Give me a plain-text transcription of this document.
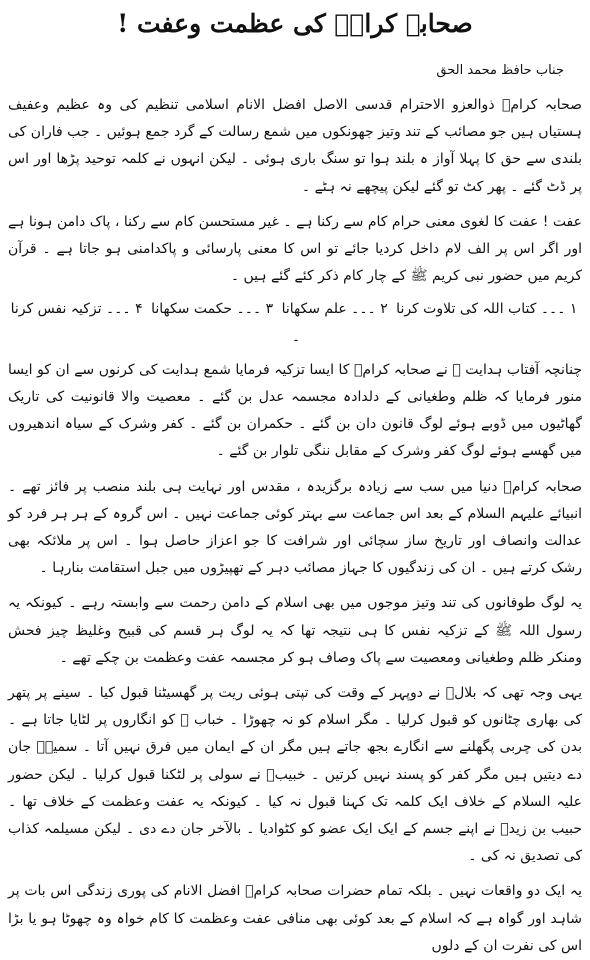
صحابہ کرامؓ کی عظمت وعفت !
جناب حافظ محمد الحق

صحابہ کرامؓ ذوالعزو الاحترام قدسی الاصل افضل الانام اسلامی تنظیم کی وہ عظیم وعفیف ہستیاں ہیں جو مصائب کے تند وتیز جھونکوں میں شمع رسالت کے گرد جمع ہوئیں ۔ جب فاران کی بلندی سے حق کا پہلا آواز ہ بلند ہوا تو سنگ باری ہوئی ۔ لیکن انہوں نے کلمہ توحید پڑھا اور اس پر ڈٹ گئے ۔ پھر کٹ تو گئے لیکن پیچھے نہ ہٹے ۔

عفت ! عفت کا لغوی معنی حرام کام سے رکنا ہے ۔ غیر مستحسن کام سے رکنا ، پاک دامن ہونا ہے اور اگر اس پر الف لام داخل کردیا جائے تو اس کا معنی پارسائی و پاکدامنی ہو جاتا ہے ۔ قرآن کریم میں حضور نبی کریم ﷺ کے چار کام ذکر کئے گئے ہیں ۔

۱ ۔۔۔ کتاب اللہ کی تلاوت کرنا ۲ ۔۔۔ علم سکھانا ۳ ۔۔۔ حکمت سکھانا ۴ ۔۔۔ تزکیہ نفس کرنا ۔

چنانچہ آفتاب ہدایت ﷺ نے صحابہ کرامؓ کا ایسا تزکیہ فرمایا شمع ہدایت کی کرنوں سے ان کو ایسا منور فرمایا کہ ظلم وطغیانی کے دلدادہ مجسمہ عدل بن گئے ۔ معصیت والا قانونیت کی تاریک گھاٹیوں میں ڈوبے ہوئے لوگ قانون دان بن گئے ۔ حکمران بن گئے ۔ کفر وشرک کے سیاہ اندھیروں میں گھسے ہوئے لوگ کفر وشرک کے مقابل ننگی تلوار بن گئے ۔

صحابہ کرامؓ دنیا میں سب سے زیادہ برگزیدہ ، مقدس اور نہایت ہی بلند منصب پر فائز تھے ۔ انبیائے علیہم السلام کے بعد اس جماعت سے بہتر کوئی جماعت نہیں ۔ اس گروہ کے ہر ہر فرد کو عدالت وانصاف اور تاریخ ساز سچائی اور شرافت کا جو اعزاز حاصل ہوا ۔ اس پر ملائکہ بھی رشک کرتے ہیں ۔ ان کی زندگیوں کا جہاز مصائب دہر کے تھپیڑوں میں جبل استقامت بنارہا ۔

یہ لوگ طوفانوں کی تند وتیز موجوں میں بھی اسلام کے دامن رحمت سے وابستہ رہے ۔ کیونکہ یہ رسول اللہ ﷺ کے تزکیہ نفس کا ہی نتیجہ تھا کہ یہ لوگ ہر قسم کی قبیح وغلیظ چیز فحش ومنکر ظلم وطغیانی ومعصیت سے پاک وصاف ہو کر مجسمہ عفت وعظمت بن چکے تھے ۔

یہی وجہ تھی کہ بلالؓ نے دوپہر کے وقت کی تپتی ہوئی ریت پر گھسیٹنا قبول کیا ۔ سینے پر پتھر کی بھاری چٹانوں کو قبول کرلیا ۔ مگر اسلام کو نہ چھوڑا ۔ خباب ؓ کو انگاروں پر لٹایا جاتا ہے ۔ بدن کی چربی پگھلنے سے انگارے بجھ جاتے ہیں مگر ان کے ایمان میں فرق نہیں آتا ۔ سمیہؓ جان دے دیتیں ہیں مگر کفر کو پسند نہیں کرتیں ۔ خبیبؓ نے سولی پر لٹکنا قبول کرلیا ۔ لیکن حضور علیہ السلام کے خلاف ایک کلمہ تک کہنا قبول نہ کیا ۔ کیونکہ یہ عفت وعظمت کے خلاف تھا ۔ حبیب بن زیدؓ نے اپنے جسم کے ایک ایک عضو کو کٹوادیا ۔ بالآخر جان دے دی ۔ لیکن مسیلمہ کذاب کی تصدیق نہ کی ۔

یہ ایک دو واقعات نہیں ۔ بلکہ تمام حضرات صحابہ کرامؓ افضل الانام کی پوری زندگی اس بات پر شاہد اور گواہ ہے کہ اسلام کے بعد کوئی بھی منافی عفت وعظمت کا کام خواہ وہ چھوٹا ہو یا بڑا اس کی نفرت ان کے دلوں
